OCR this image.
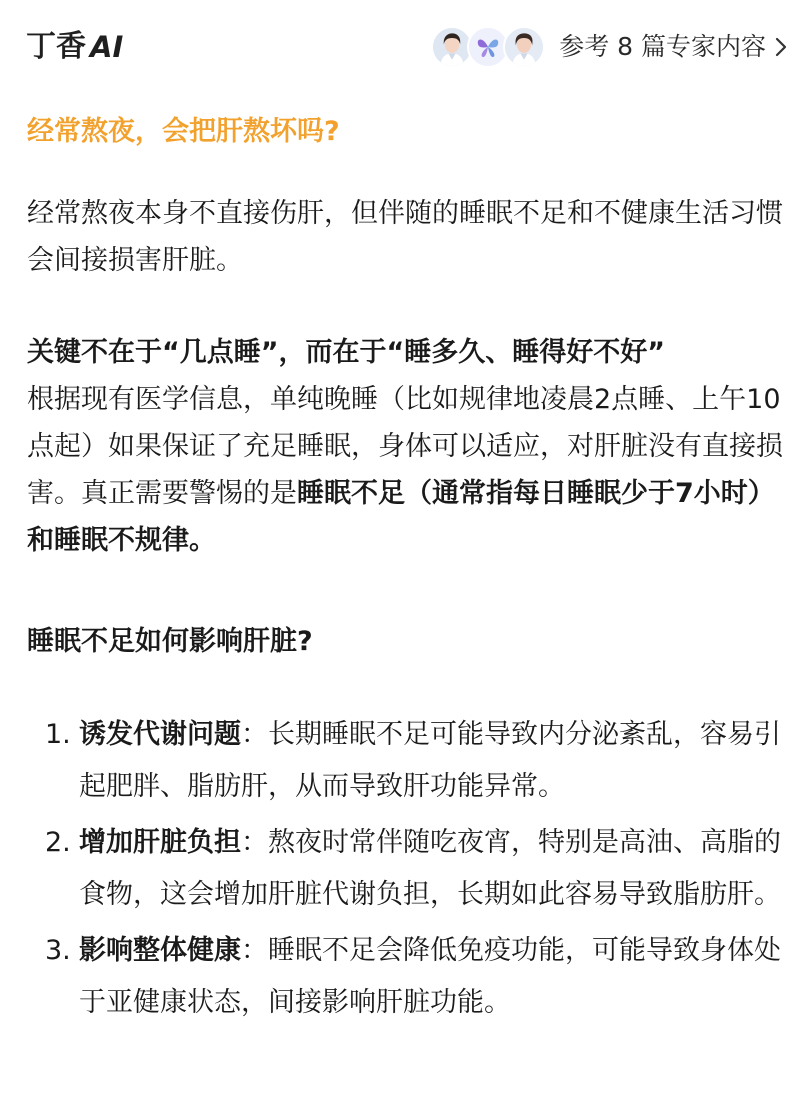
丁香 AI	参考 8 篇专家内容
经常熬夜，会把肝熬坏吗?

经常熬夜本身不直接伤肝，但伴随的睡眠不足和不健康生活习惯会间接损害肝脏。

关键不在于“几点睡”，而在于“睡多久、睡得好不好”
根据现有医学信息，单纯晚睡（比如规律地凌晨2点睡、上午10点起）如果保证了充足睡眠，身体可以适应，对肝脏没有直接损害。真正需要警惕的是睡眠不足（通常指每日睡眠少于7小时）和睡眠不规律。
睡眠不足如何影响肝脏?
1. 诱发代谢问题：长期睡眠不足可能导致内分泌紊乱，容易引起肥胖、脂肪肝，从而导致肝功能异常。
2. 增加肝脏负担：熬夜时常伴随吃夜宵，特别是高油、高脂的食物，这会增加肝脏代谢负担，长期如此容易导致脂肪肝。
3. 影响整体健康：睡眠不足会降低免疫功能，可能导致身体处于亚健康状态，间接影响肝脏功能。
